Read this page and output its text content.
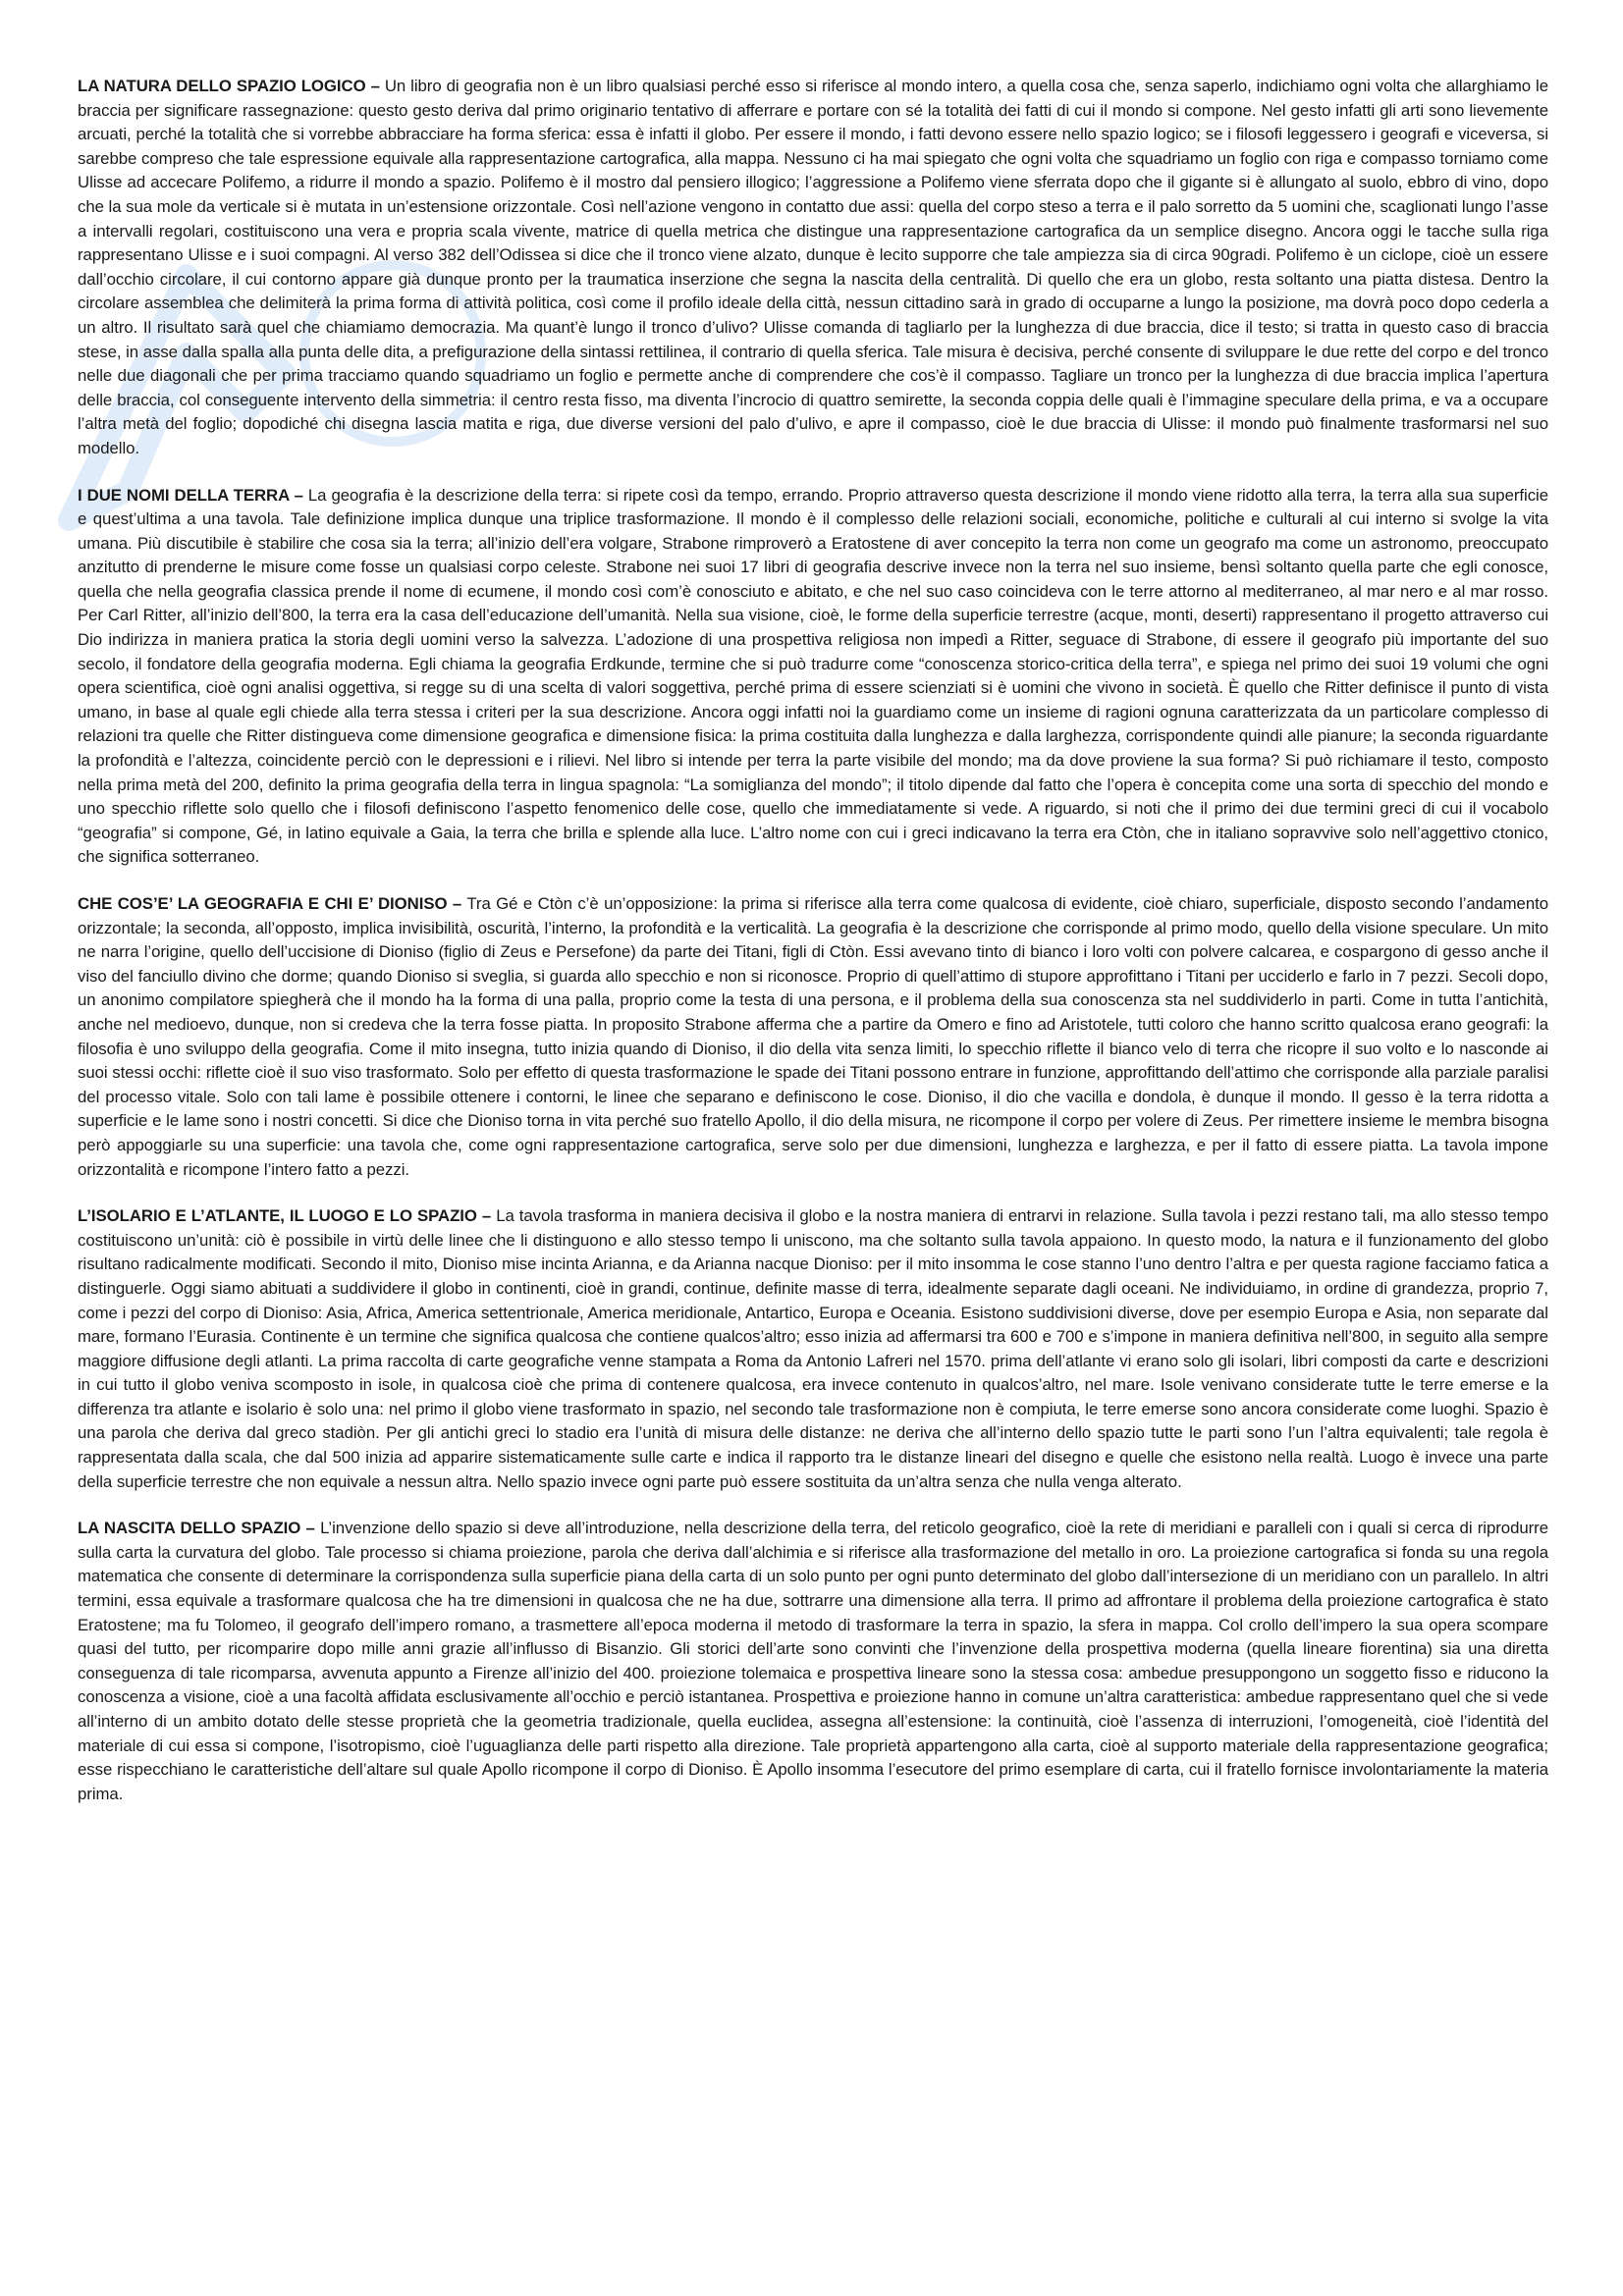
LA NATURA DELLO SPAZIO LOGICO – Un libro di geografia non è un libro qualsiasi perché esso si riferisce al mondo intero, a quella cosa che, senza saperlo, indichiamo ogni volta che allarghiamo le braccia per significare rassegnazione: questo gesto deriva dal primo originario tentativo di afferrare e portare con sé la totalità dei fatti di cui il mondo si compone. Nel gesto infatti gli arti sono lievemente arcuati, perché la totalità che si vorrebbe abbracciare ha forma sferica: essa è infatti il globo. Per essere il mondo, i fatti devono essere nello spazio logico; se i filosofi leggessero i geografi e viceversa, si sarebbe compreso che tale espressione equivale alla rappresentazione cartografica, alla mappa. Nessuno ci ha mai spiegato che ogni volta che squadriamo un foglio con riga e compasso torniamo come Ulisse ad accecare Polifemo, a ridurre il mondo a spazio. Polifemo è il mostro dal pensiero illogico; l’aggressione a Polifemo viene sferrata dopo che il gigante si è allungato al suolo, ebbro di vino, dopo che la sua mole da verticale si è mutata in un’estensione orizzontale. Così nell’azione vengono in contatto due assi: quella del corpo steso a terra e il palo sorretto da 5 uomini che, scaglionati lungo l’asse a intervalli regolari, costituiscono una vera e propria scala vivente, matrice di quella metrica che distingue una rappresentazione cartografica da un semplice disegno. Ancora oggi le tacche sulla riga rappresentano Ulisse e i suoi compagni. Al verso 382 dell’Odissea si dice che il tronco viene alzato, dunque è lecito supporre che tale ampiezza sia di circa 90gradi. Polifemo è un ciclope, cioè un essere dall’occhio circolare, il cui contorno appare già dunque pronto per la traumatica inserzione che segna la nascita della centralità. Di quello che era un globo, resta soltanto una piatta distesa. Dentro la circolare assemblea che delimiterà la prima forma di attività politica, così come il profilo ideale della città, nessun cittadino sarà in grado di occuparne a lungo la posizione, ma dovrà poco dopo cederla a un altro. Il risultato sarà quel che chiamiamo democrazia. Ma quant’è lungo il tronco d’ulivo? Ulisse comanda di tagliarlo per la lunghezza di due braccia, dice il testo; si tratta in questo caso di braccia stese, in asse dalla spalla alla punta delle dita, a prefigurazione della sintassi rettilinea, il contrario di quella sferica. Tale misura è decisiva, perché consente di sviluppare le due rette del corpo e del tronco nelle due diagonali che per prima tracciamo quando squadriamo un foglio e permette anche di comprendere che cos’è il compasso. Tagliare un tronco per la lunghezza di due braccia implica l’apertura delle braccia, col conseguente intervento della simmetria: il centro resta fisso, ma diventa l’incrocio di quattro semirette, la seconda coppia delle quali è l’immagine speculare della prima, e va a occupare l’altra metà del foglio; dopodiché chi disegna lascia matita e riga, due diverse versioni del palo d’ulivo, e apre il compasso, cioè le due braccia di Ulisse: il mondo può finalmente trasformarsi nel suo modello.

I DUE NOMI DELLA TERRA – La geografia è la descrizione della terra: si ripete così da tempo, errando. Proprio attraverso questa descrizione il mondo viene ridotto alla terra, la terra alla sua superficie e quest’ultima a una tavola. Tale definizione implica dunque una triplice trasformazione. Il mondo è il complesso delle relazioni sociali, economiche, politiche e culturali al cui interno si svolge la vita umana. Più discutibile è stabilire che cosa sia la terra; all’inizio dell’era volgare, Strabone rimproverò a Eratostene di aver concepito la terra non come un geografo ma come un astronomo, preoccupato anzitutto di prenderne le misure come fosse un qualsiasi corpo celeste. Strabone nei suoi 17 libri di geografia descrive invece non la terra nel suo insieme, bensì soltanto quella parte che egli conosce, quella che nella geografia classica prende il nome di ecumene, il mondo così com’è conosciuto e abitato, e che nel suo caso coincideva con le terre attorno al mediterraneo, al mar nero e al mar rosso. Per Carl Ritter, all’inizio dell’800, la terra era la casa dell’educazione dell’umanità. Nella sua visione, cioè, le forme della superficie terrestre (acque, monti, deserti) rappresentano il progetto attraverso cui Dio indirizza in maniera pratica la storia degli uomini verso la salvezza. L’adozione di una prospettiva religiosa non impedì a Ritter, seguace di Strabone, di essere il geografo più importante del suo secolo, il fondatore della geografia moderna. Egli chiama la geografia Erdkunde, termine che si può tradurre come “conoscenza storico-critica della terra”, e spiega nel primo dei suoi 19 volumi che ogni opera scientifica, cioè ogni analisi oggettiva, si regge su di una scelta di valori soggettiva, perché prima di essere scienziati si è uomini che vivono in società. È quello che Ritter definisce il punto di vista umano, in base al quale egli chiede alla terra stessa i criteri per la sua descrizione. Ancora oggi infatti noi la guardiamo come un insieme di ragioni ognuna caratterizzata da un particolare complesso di relazioni tra quelle che Ritter distingueva come dimensione geografica e dimensione fisica: la prima costituita dalla lunghezza e dalla larghezza, corrispondente quindi alle pianure; la seconda riguardante la profondità e l’altezza, coincidente perciò con le depressioni e i rilievi. Nel libro si intende per terra la parte visibile del mondo; ma da dove proviene la sua forma? Si può richiamare il testo, composto nella prima metà del 200, definito la prima geografia della terra in lingua spagnola: “La somiglianza del mondo”; il titolo dipende dal fatto che l’opera è concepita come una sorta di specchio del mondo e uno specchio riflette solo quello che i filosofi definiscono l’aspetto fenomenico delle cose, quello che immediatamente si vede. A riguardo, si noti che il primo dei due termini greci di cui il vocabolo “geografia” si compone, Gé, in latino equivale a Gaia, la terra che brilla e splende alla luce. L’altro nome con cui i greci indicavano la terra era Ctòn, che in italiano sopravvive solo nell’aggettivo ctonico, che significa sotterraneo.

CHE COS’E’ LA GEOGRAFIA E CHI E’ DIONISO – Tra Gé e Ctòn c’è un’opposizione: la prima si riferisce alla terra come qualcosa di evidente, cioè chiaro, superficiale, disposto secondo l’andamento orizzontale; la seconda, all’opposto, implica invisibilità, oscurità, l’interno, la profondità e la verticalità. La geografia è la descrizione che corrisponde al primo modo, quello della visione speculare. Un mito ne narra l’origine, quello dell’uccisione di Dioniso (figlio di Zeus e Persefone) da parte dei Titani, figli di Ctòn. Essi avevano tinto di bianco i loro volti con polvere calcarea, e cospargono di gesso anche il viso del fanciullo divino che dorme; quando Dioniso si sveglia, si guarda allo specchio e non si riconosce. Proprio di quell’attimo di stupore approfittano i Titani per ucciderlo e farlo in 7 pezzi. Secoli dopo, un anonimo compilatore spiegherà che il mondo ha la forma di una palla, proprio come la testa di una persona, e il problema della sua conoscenza sta nel suddividerlo in parti. Come in tutta l’antichità, anche nel medioevo, dunque, non si credeva che la terra fosse piatta. In proposito Strabone afferma che a partire da Omero e fino ad Aristotele, tutti coloro che hanno scritto qualcosa erano geografi: la filosofia è uno sviluppo della geografia. Come il mito insegna, tutto inizia quando di Dioniso, il dio della vita senza limiti, lo specchio riflette il bianco velo di terra che ricopre il suo volto e lo nasconde ai suoi stessi occhi: riflette cioè il suo viso trasformato. Solo per effetto di questa trasformazione le spade dei Titani possono entrare in funzione, approfittando dell’attimo che corrisponde alla parziale paralisi del processo vitale. Solo con tali lame è possibile ottenere i contorni, le linee che separano e definiscono le cose. Dioniso, il dio che vacilla e dondola, è dunque il mondo. Il gesso è la terra ridotta a superficie e le lame sono i nostri concetti. Si dice che Dioniso torna in vita perché suo fratello Apollo, il dio della misura, ne ricompone il corpo per volere di Zeus. Per rimettere insieme le membra bisogna però appoggiarle su una superficie: una tavola che, come ogni rappresentazione cartografica, serve solo per due dimensioni, lunghezza e larghezza, e per il fatto di essere piatta. La tavola impone orizzontalità e ricompone l’intero fatto a pezzi.

L’ISOLARIO E L’ATLANTE, IL LUOGO E LO SPAZIO – La tavola trasforma in maniera decisiva il globo e la nostra maniera di entrarvi in relazione. Sulla tavola i pezzi restano tali, ma allo stesso tempo costituiscono un’unità: ciò è possibile in virtù delle linee che li distinguono e allo stesso tempo li uniscono, ma che soltanto sulla tavola appaiono. In questo modo, la natura e il funzionamento del globo risultano radicalmente modificati. Secondo il mito, Dioniso mise incinta Arianna, e da Arianna nacque Dioniso: per il mito insomma le cose stanno l’uno dentro l’altra e per questa ragione facciamo fatica a distinguerle. Oggi siamo abituati a suddividere il globo in continenti, cioè in grandi, continue, definite masse di terra, idealmente separate dagli oceani. Ne individuiamo, in ordine di grandezza, proprio 7, come i pezzi del corpo di Dioniso: Asia, Africa, America settentrionale, America meridionale, Antartico, Europa e Oceania. Esistono suddivisioni diverse, dove per esempio Europa e Asia, non separate dal mare, formano l’Eurasia. Continente è un termine che significa qualcosa che contiene qualcos’altro; esso inizia ad affermarsi tra 600 e 700 e s’impone in maniera definitiva nell’800, in seguito alla sempre maggiore diffusione degli atlanti. La prima raccolta di carte geografiche venne stampata a Roma da Antonio Lafreri nel 1570. prima dell’atlante vi erano solo gli isolari, libri composti da carte e descrizioni in cui tutto il globo veniva scomposto in isole, in qualcosa cioè che prima di contenere qualcosa, era invece contenuto in qualcos’altro, nel mare. Isole venivano considerate tutte le terre emerse e la differenza tra atlante e isolario è solo una: nel primo il globo viene trasformato in spazio, nel secondo tale trasformazione non è compiuta, le terre emerse sono ancora considerate come luoghi. Spazio è una parola che deriva dal greco stadiòn. Per gli antichi greci lo stadio era l’unità di misura delle distanze: ne deriva che all’interno dello spazio tutte le parti sono l’un l’altra equivalenti; tale regola è rappresentata dalla scala, che dal 500 inizia ad apparire sistematicamente sulle carte e indica il rapporto tra le distanze lineari del disegno e quelle che esistono nella realtà. Luogo è invece una parte della superficie terrestre che non equivale a nessun altra. Nello spazio invece ogni parte può essere sostituita da un’altra senza che nulla venga alterato.

LA NASCITA DELLO SPAZIO – L’invenzione dello spazio si deve all’introduzione, nella descrizione della terra, del reticolo geografico, cioè la rete di meridiani e paralleli con i quali si cerca di riprodurre sulla carta la curvatura del globo. Tale processo si chiama proiezione, parola che deriva dall’alchimia e si riferisce alla trasformazione del metallo in oro. La proiezione cartografica si fonda su una regola matematica che consente di determinare la corrispondenza sulla superficie piana della carta di un solo punto per ogni punto determinato del globo dall’intersezione di un meridiano con un parallelo. In altri termini, essa equivale a trasformare qualcosa che ha tre dimensioni in qualcosa che ne ha due, sottrarre una dimensione alla terra. Il primo ad affrontare il problema della proiezione cartografica è stato Eratostene; ma fu Tolomeo, il geografo dell’impero romano, a trasmettere all’epoca moderna il metodo di trasformare la terra in spazio, la sfera in mappa. Col crollo dell’impero la sua opera scompare quasi del tutto, per ricomparire dopo mille anni grazie all’influsso di Bisanzio. Gli storici dell’arte sono convinti che l’invenzione della prospettiva moderna (quella lineare fiorentina) sia una diretta conseguenza di tale ricomparsa, avvenuta appunto a Firenze all’inizio del 400. proiezione tolemaica e prospettiva lineare sono la stessa cosa: ambedue presuppongono un soggetto fisso e riducono la conoscenza a visione, cioè a una facoltà affidata esclusivamente all’occhio e perciò istantanea. Prospettiva e proiezione hanno in comune un’altra caratteristica: ambedue rappresentano quel che si vede all’interno di un ambito dotato delle stesse proprietà che la geometria tradizionale, quella euclidea, assegna all’estensione: la continuità, cioè l’assenza di interruzioni, l’omogeneità, cioè l’identità del materiale di cui essa si compone, l’isotropismo, cioè l’uguaglianza delle parti rispetto alla direzione. Tale proprietà appartengono alla carta, cioè al supporto materiale della rappresentazione geografica; esse rispecchiano le caratteristiche dell’altare sul quale Apollo ricompone il corpo di Dioniso. È Apollo insomma l’esecutore del primo esemplare di carta, cui il fratello fornisce involontariamente la materia prima.
